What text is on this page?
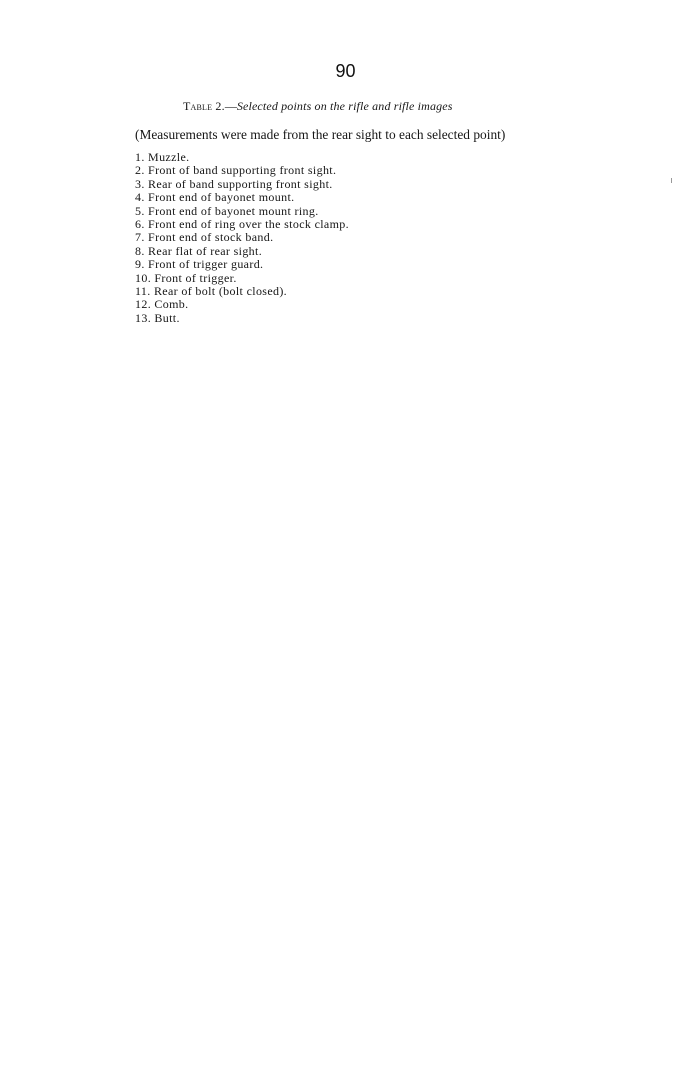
90
Table 2.—Selected points on the rifle and rifle images
(Measurements were made from the rear sight to each selected point)
1. Muzzle.
2. Front of band supporting front sight.
3. Rear of band supporting front sight.
4. Front end of bayonet mount.
5. Front end of bayonet mount ring.
6. Front end of ring over the stock clamp.
7. Front end of stock band.
8. Rear flat of rear sight.
9. Front of trigger guard.
10. Front of trigger.
11. Rear of bolt (bolt closed).
12. Comb.
13. Butt.
